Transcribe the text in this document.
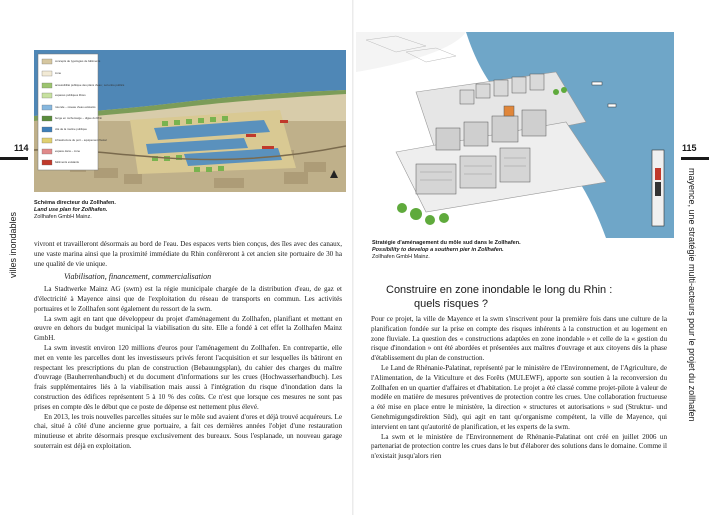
concepts de typologies de bâtiments
zone
accessibilité publique des plans d'eau ; sol entre publics
espaces publiques libres
rotonde – réseau d'eau existants
berge en rochemarge – digue du Rhin
cité de la marine publique
infrastructure du port – équipement fluvial
espace dans – zone
bâtiments existants
114
villes inondables
Schéma directeur du Zollhafen.
Land use plan for Zollhafen.
Zollhafen GmbH Mainz.

vivront et travailleront désormais au bord de l'eau. Des espaces verts bien conçus, des îles avec des canaux, une vaste marina ainsi que la proximité immédiate du Rhin confèreront à cet ancien site portuaire de 30 ha une qualité de vie unique.

Viabilisation, financement, commercialisation

La Stadtwerke Mainz AG (swm) est la régie municipale chargée de la distribution d'eau, de gaz et d'électricité à Mayence ainsi que de l'exploitation du réseau de transports en commun. Les activités portuaires et le Zollhafen sont également du ressort de la swm.

La swm agit en tant que développeur du projet d'aménagement du Zollhafen, planifiant et mettant en œuvre en dehors du budget municipal la viabilisation du site. Elle a fondé à cet effet la Zollhafen Mainz GmbH.

La swm investit environ 120 millions d'euros pour l'aménagement du Zollhafen. En contrepartie, elle met en vente les parcelles dont les investisseurs privés feront l'acquisition et sur lesquelles ils bâtiront en respectant les prescriptions du plan de construction (Bebauungsplan), du cahier des charges du maître d'ouvrage (Bauherrenhandbuch) et du document d'informations sur les crues (Hochwasserhandbuch). Les frais supplémentaires liés à la viabilisation mais aussi à l'intégration du risque d'inondation dans la construction des édifices représentent 5 à 10 % des coûts. Ce n'est que lorsque ces mesures ne sont pas prises en compte dès le début que ce poste de dépense est nettement plus élevé.

En 2013, les trois nouvelles parcelles situées sur le môle sud avaient d'ores et déjà trouvé acquéreurs. Le chai, situé à côté d'une ancienne grue portuaire, a fait ces dernières années l'objet d'une restauration minutieuse et abrite désormais presque exclusivement des bureaux. Sous l'esplanade, un nouveau garage souterrain est déjà en exploitation.

115
mayence, une stratégie multi-acteurs pour le projet du zollhafen
Stratégie d'aménagement du môle sud dans le Zollhafen.
Possibility to develop a southern pier in Zollhafen.
Zollhafen GmbH Mainz.
Construire en zone inondable le long du Rhin :
quels risques ?

Pour ce projet, la ville de Mayence et la swm s'inscrivent pour la première fois dans une culture de la planification fondée sur la prise en compte des risques inhérents à la construction et au logement en zone fluviale. La question des « constructions adaptées en zone inondable » et celle de la « gestion du risque d'inondation » ont été abordées et présentées aux maîtres d'ouvrage et aux citoyens dès la phase d'établissement du plan de construction.

Le Land de Rhénanie-Palatinat, représenté par le ministère de l'Environnement, de l'Agriculture, de l'Alimentation, de la Viticulture et des Forêts (MULEWF), apporte son soutien à la reconversion du Zollhafen en un quartier d'affaires et d'habitation. Le projet a été classé comme projet-pilote à valeur de modèle en matière de mesures préventives de protection contre les crues. Une collaboration fructueuse a été mise en place entre le ministère, la direction « structures et autorisations » sud (Struktur- und Genehmigungsdirektion Süd), qui agit en tant qu'organisme compétent, la ville de Mayence, qui intervient en tant qu'autorité de planification, et les experts de la swm.

La swm et le ministère de l'Environnement de Rhénanie-Palatinat ont créé en juillet 2006 un partenariat de protection contre les crues dans le but d'élaborer des solutions dans le domaine. Comme il n'existait jusqu'alors rien
